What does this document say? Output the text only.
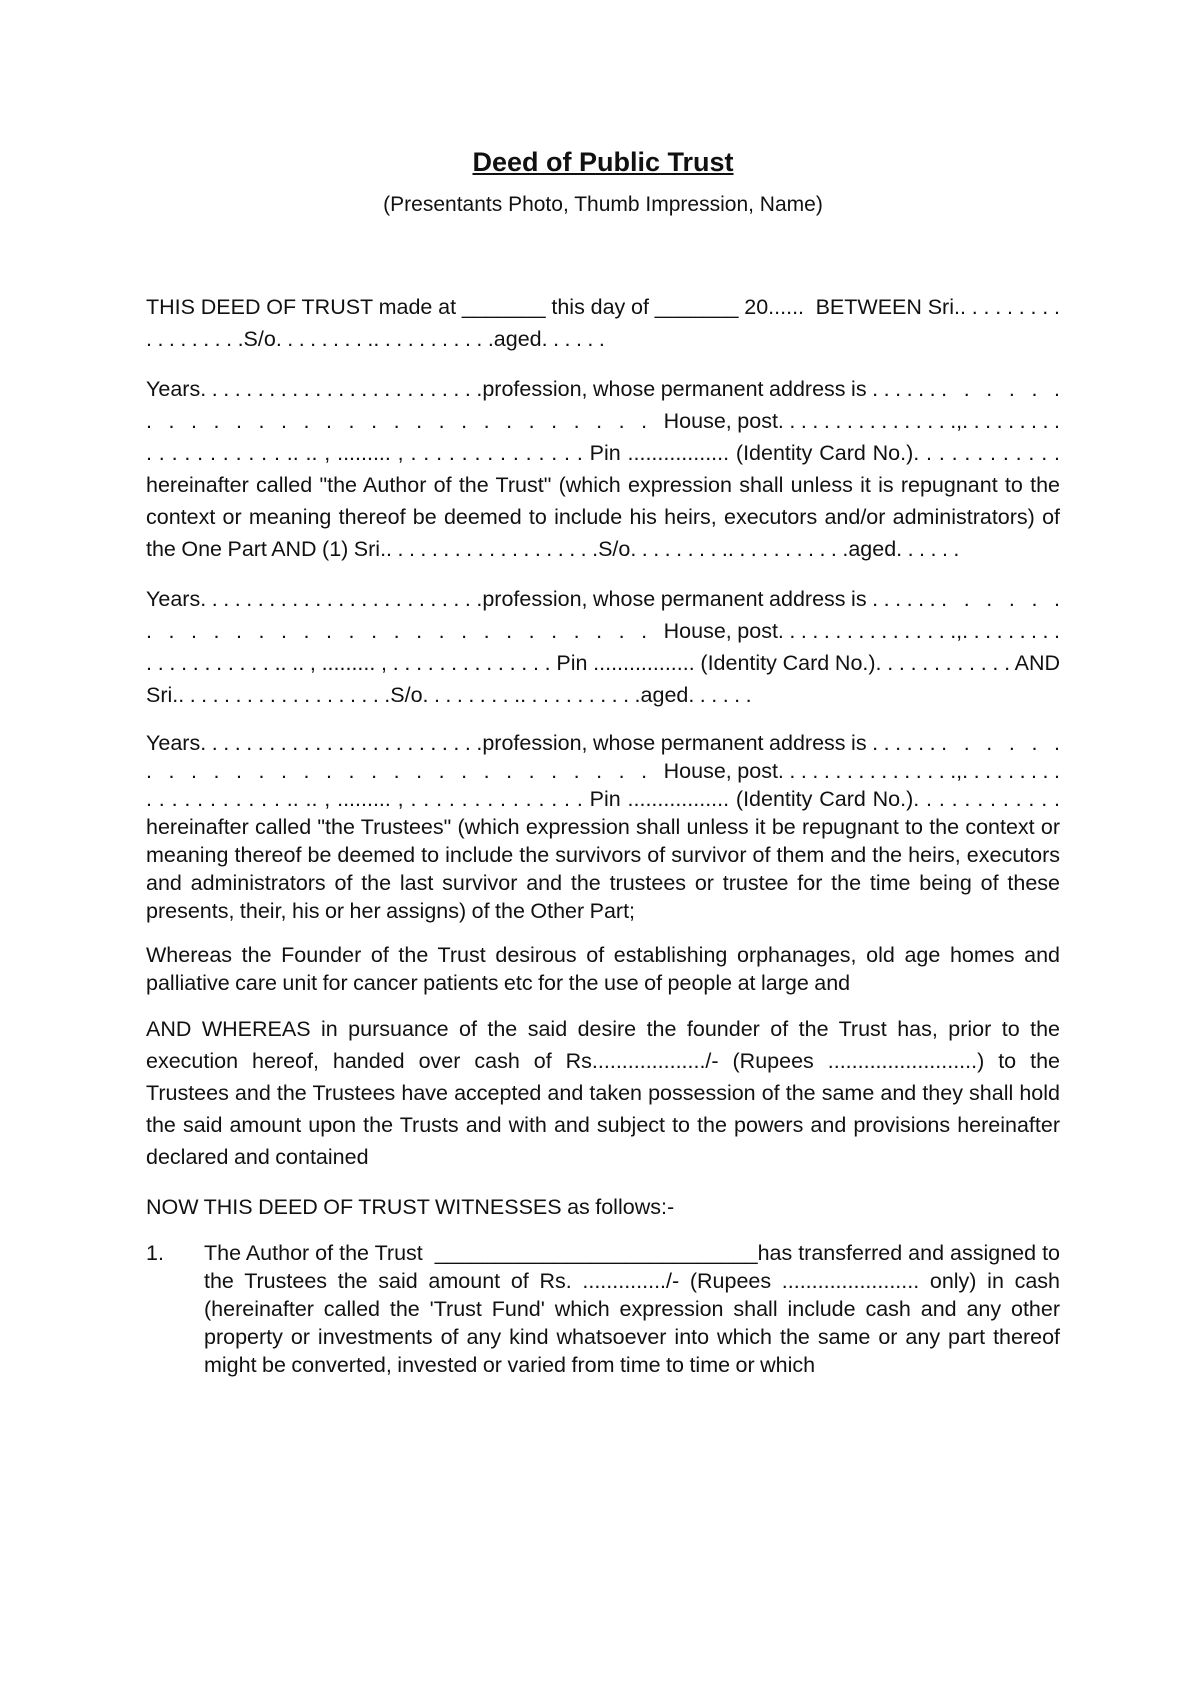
Deed of Public Trust

(Presentants Photo, Thumb Impression, Name)

THIS DEED OF TRUST made at _______ this day of _______ 20......  BETWEEN Sri.. . . . . . . . . . . . . . . . . .S/o. . . . . . . . .. . . . . . . . . . .aged. . . . . .

Years. . . . . . . . . . . . . . . . . . . . . . . . .profession, whose permanent address is . . . . . . .   .   .   .   .   .   .   .   .   .   .   .   .   .   .   .   .   .   .   .   .   .   .   .   .   .   .   .   .   House, post. . . . . . . . . . . . . . . .,. . . . . . . . . . . . . . . . . . . . .. .. , ......... , . . . . . . . . . . . . . . Pin ................. (Identity Card No.). . . . . . . . . . . . hereinafter called "the Author of the Trust" (which expression shall unless it is repugnant to the context or meaning thereof be deemed to include his heirs, executors and/or administrators) of the One Part AND (1) Sri.. . . . . . . . . . . . . . . . . . .S/o. . . . . . . . .. . . . . . . . . . .aged. . . . . .

Years. . . . . . . . . . . . . . . . . . . . . . . . .profession, whose permanent address is . . . . . . .   .   .   .   .   .   .   .   .   .   .   .   .   .   .   .   .   .   .   .   .   .   .   .   .   .   .   .   .   House, post. . . . . . . . . . . . . . . .,. . . . . . . . . . . . . . . . . . . . .. .. , ......... , . . . . . . . . . . . . . . Pin ................. (Identity Card No.). . . . . . . . . . . . AND Sri.. . . . . . . . . . . . . . . . . . .S/o. . . . . . . . .. . . . . . . . . . .aged. . . . . .

Years. . . . . . . . . . . . . . . . . . . . . . . . .profession, whose permanent address is . . . . . . .   .   .   .   .   .   .   .   .   .   .   .   .   .   .   .   .   .   .   .   .   .   .   .   .   .   .   .   .   House, post. . . . . . . . . . . . . . . .,. . . . . . . . . . . . . . . . . . . . .. .. , ......... , . . . . . . . . . . . . . . Pin ................. (Identity Card No.). . . . . . . . . . . .  hereinafter called "the Trustees" (which expression shall unless it be repugnant to the context or meaning thereof be deemed to include the survivors of survivor of them and the heirs, executors and administrators of the last survivor and the trustees or trustee for the time being of these presents, their, his or her assigns) of the Other Part;

Whereas the Founder of the Trust desirous of establishing orphanages, old age homes and palliative care unit for cancer patients etc for the use of people at large and

AND WHEREAS in pursuance of the said desire the founder of the Trust has, prior to the execution hereof, handed over cash of Rs.................../- (Rupees .........................) to the Trustees and the Trustees have accepted and taken possession of the same and they shall hold the said amount upon the Trusts and with and subject to the powers and provisions hereinafter declared and contained

NOW THIS DEED OF TRUST WITNESSES as follows:-

1.	The Author of the Trust  ___________________________has transferred and assigned to the Trustees the said amount of Rs. ............../- (Rupees ....................... only) in cash (hereinafter called the 'Trust Fund' which expression shall include cash and any other property or investments of any kind whatsoever into which the same or any part thereof might be converted, invested or varied from time to time or which
